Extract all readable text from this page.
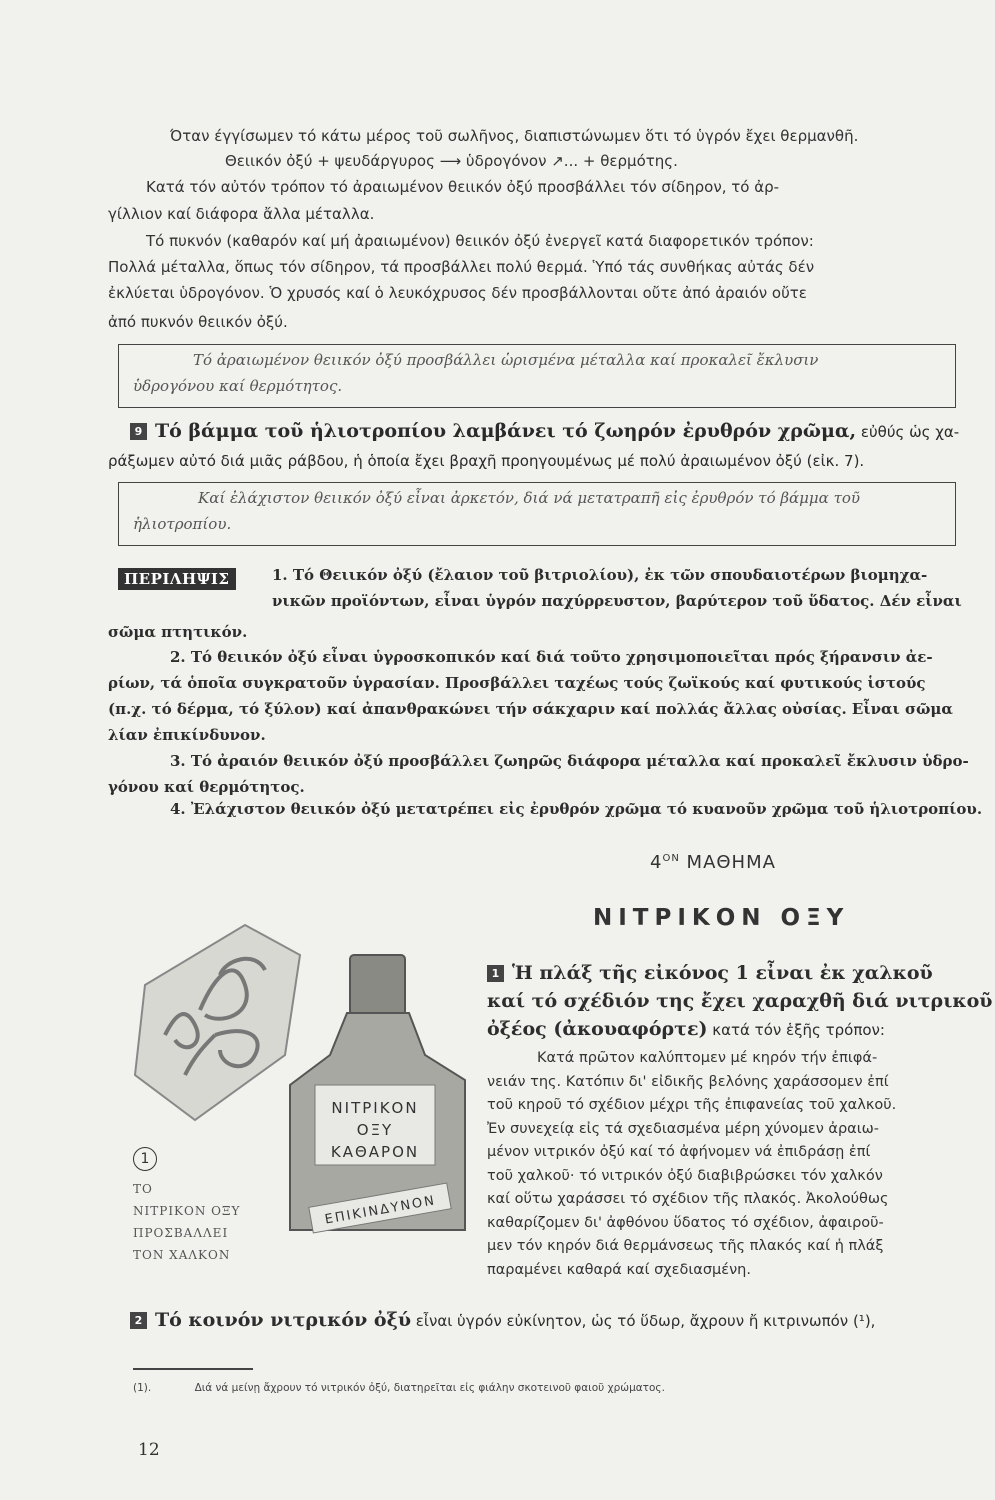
Όταν έγγίσωμεν τό κάτω μέρος τοῦ σωλῆνος, διαπιστώνωμεν ὅτι τό ὑγρόν ἔχει θερμανθῆ.
Θειικόν ὀξύ + ψευδάργυρος ⟶ ὑδρογόνον ↗... + θερμότης.
Κατά τόν αὐτόν τρόπον τό ἀραιωμένον θειικόν ὀξύ προσβάλλει τόν σίδηρον, τό ἀρ-
γίλλιον καί διάφορα ἄλλα μέταλλα.
Τό πυκνόν (καθαρόν καί μή ἀραιωμένον) θειικόν ὀξύ ἐνεργεῖ κατά διαφορετικόν τρόπον:
Πολλά μέταλλα, ὅπως τόν σίδηρον, τά προσβάλλει πολύ θερμά. Ὑπό τάς συνθήκας αὐτάς δέν
ἐκλύεται ὑδρογόνον. Ὁ χρυσός καί ὁ λευκόχρυσος δέν προσβάλλονται οὔτε ἀπό ἀραιόν οὔτε
ἀπό πυκνόν θειικόν ὀξύ.
Τό ἀραιωμένον θειικόν ὀξύ προσβάλλει ὡρισμένα μέταλλα καί προκαλεῖ ἔκλυσιν
ὑδρογόνου καί θερμότητος.
9 Τό βάμμα τοῦ ἡλιοτροπίου λαμβάνει τό ζωηρόν ἐρυθρόν χρῶμα, εὐθύς ὡς χα-
ράξωμεν αὐτό διά μιᾶς ράβδου, ἡ ὁποία ἔχει βραχῆ προηγουμένως μέ πολύ ἀραιωμένον ὀξύ (εἰκ. 7).
Καί ἐλάχιστον θειικόν ὀξύ εἶναι ἀρκετόν, διά νά μετατραπῆ εἰς ἐρυθρόν τό βάμμα τοῦ
ἡλιοτροπίου.
ΠΕΡΙΛΗΨΙΣ	1. Τό Θειικόν ὀξύ (ἔλαιον τοῦ βιτριολίου), ἐκ τῶν σπουδαιοτέρων βιομηχα-
νικῶν προϊόντων, εἶναι ὑγρόν παχύρρευστον, βαρύτερον τοῦ ὕδατος. Δέν εἶναι
σῶμα πτητικόν.
2. Τό θειικόν ὀξύ εἶναι ὑγροσκοπικόν καί διά τοῦτο χρησιμοποιεῖται πρός ξήρανσιν ἀε-
ρίων, τά ὁποῖα συγκρατοῦν ὑγρασίαν. Προσβάλλει ταχέως τούς ζωϊκούς καί φυτικούς ἱστούς
(π.χ. τό δέρμα, τό ξύλον) καί ἀπανθρακώνει τήν σάκχαριν καί πολλάς ἄλλας οὐσίας. Εἶναι σῶμα
λίαν ἐπικίνδυνον.
3. Τό ἀραιόν θειικόν ὀξύ προσβάλλει ζωηρῶς διάφορα μέταλλα καί προκαλεῖ ἔκλυσιν ὑδρο-
γόνου καί θερμότητος.
4. Ἐλάχιστον θειικόν ὀξύ μετατρέπει εἰς ἐρυθρόν χρῶμα τό κυανοῦν χρῶμα τοῦ ἡλιοτροπίου.
$4^{ON}$ ΜΑΘΗΜΑ
ΝΙΤΡΙΚΟΝ ΟΞΥ
ΝΙΤΡΙΚΟΝ
ΟΞΥ
ΚΑΘΑΡΟΝ
ΕΠΙΚΙΝΔΥΝΟΝ
1
ΤΟ
ΝΙΤΡΙΚΟΝ ΟΞΥ
ΠΡΟΣΒΑΛΛΕΙ
ΤΟΝ ΧΑΛΚΟΝ
1 Ἡ πλάξ τῆς εἰκόνος 1 εἶναι ἐκ χαλκοῦ
καί τό σχέδιόν της ἔχει χαραχθῆ διά νιτρικοῦ
ὀξέος (ἀκουαφόρτε) κατά τόν ἑξῆς τρόπον:
Κατά πρῶτον καλύπτομεν μέ κηρόν τήν ἐπιφά-
νειάν της. Κατόπιν δι' εἰδικῆς βελόνης χαράσσομεν ἐπί
τοῦ κηροῦ τό σχέδιον μέχρι τῆς ἐπιφανείας τοῦ χαλκοῦ.
Ἐν συνεχείᾳ εἰς τά σχεδιασμένα μέρη χύνομεν ἀραιω-
μένον νιτρικόν ὀξύ καί τό ἀφήνομεν νά ἐπιδράσῃ ἐπί
τοῦ χαλκοῦ· τό νιτρικόν ὀξύ διαβιβρώσκει τόν χαλκόν
καί οὕτω χαράσσει τό σχέδιον τῆς πλακός. Ἀκολούθως
καθαρίζομεν δι' ἀφθόνου ὕδατος τό σχέδιον, ἀφαιροῦ-
μεν τόν κηρόν διά θερμάνσεως τῆς πλακός καί ἡ πλάξ
παραμένει καθαρά καί σχεδιασμένη.
2 Τό κοινόν νιτρικόν ὀξύ εἶναι ὑγρόν εὐκίνητον, ὡς τό ὕδωρ, ἄχρουν ἤ κιτρινωπόν (¹),
(1).	Διά νά μείνῃ ἄχρουν τό νιτρικόν ὀξύ, διατηρεῖται εἰς φιάλην σκοτεινοῦ φαιοῦ χρώματος.
12
